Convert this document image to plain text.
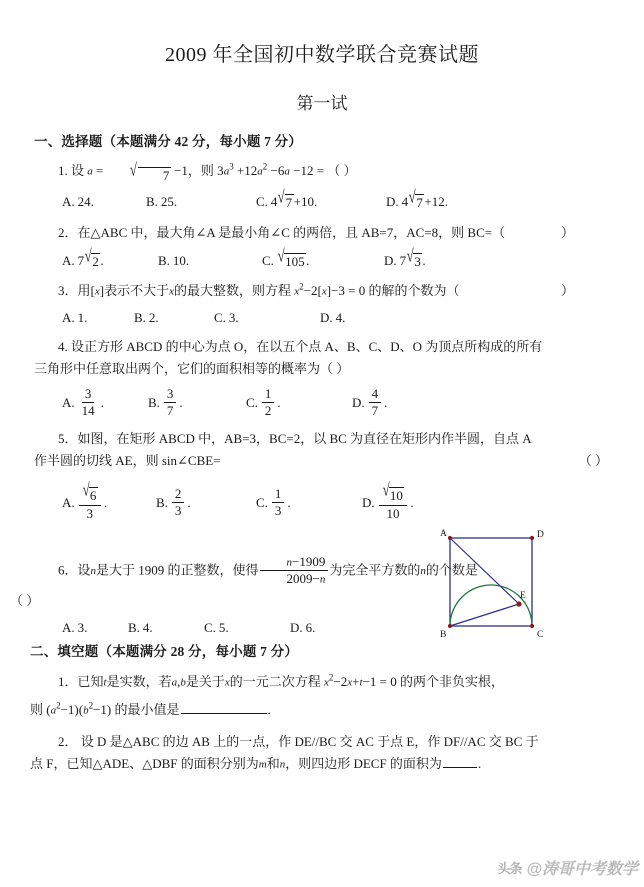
2009 年全国初中数学联合竞赛试题
第一试
一、选择题（本题满分 42 分，每小题 7 分）
1. 设 a =	√	7 −1，则 $3a^3 +12a^2 -6a -12$ = （ ）
A. 24.	B. 25.	C. 4 √ 7 +10.	D. 4 √ 7 +12.
2．在△ABC 中，最大角∠A 是最小角∠C 的两倍，且 AB=7，AC=8，则 BC=（	）
A. 7 √ 2 .	B. 10.	C. √ 105 .	D. 7 √ 3 .
3．用[x]表示不大于x的最大整数，则方程 $x^2-2[x]-3 = 0$ 的解的个数为（	）
A. 1.	B. 2.	C. 3.	D. 4.
4. 设正方形 ABCD 的中心为点 O，在以五个点 A、B、C、D、O 为顶点所构成的所有
三角形中任意取出两个，它们的面积相等的概率为（ ）
A. $\frac{3}{14}$ .	B. $\frac{3}{7}$ .	C. $\frac{1}{2}$ .	D. $\frac{4}{7}$ .
5．如图，在矩形 ABCD 中，AB=3，BC=2，以 BC 为直径在矩形内作半圆，自点 A
作半圆的切线 AE，则 sin∠CBE=	（ ）
A. $\frac{√ 6}{3}$ .	B. $\frac{2}{3}$ .	C. $\frac{1}{3}$ .	D. $\frac{√ 10}{10}$ .
A	D
B	C
E
6．设n是大于 1909 的正整数，使得 $\frac{n-1909}{2009-n}$ 为完全平方数的n的个数是
（ ）
A. 3.	B. 4.	C. 5.	D. 6.
二、填空题（本题满分 28 分，每小题 7 分）
1．已知t是实数，若a,b是关于x的一元二次方程 $x^2-2x+t-1 = 0$ 的两个非负实根，
则 $(a^2-1)(b^2-1)$ 的最小值是	.
2． 设 D 是△ABC 的边 AB 上的一点，作 DE//BC 交 AC 于点 E，作 DF//AC 交 BC 于
点 F，已知△ADE、△DBF 的面积分别为m和n，则四边形 DECF 的面积为	.
头条 @涛哥中考数学
